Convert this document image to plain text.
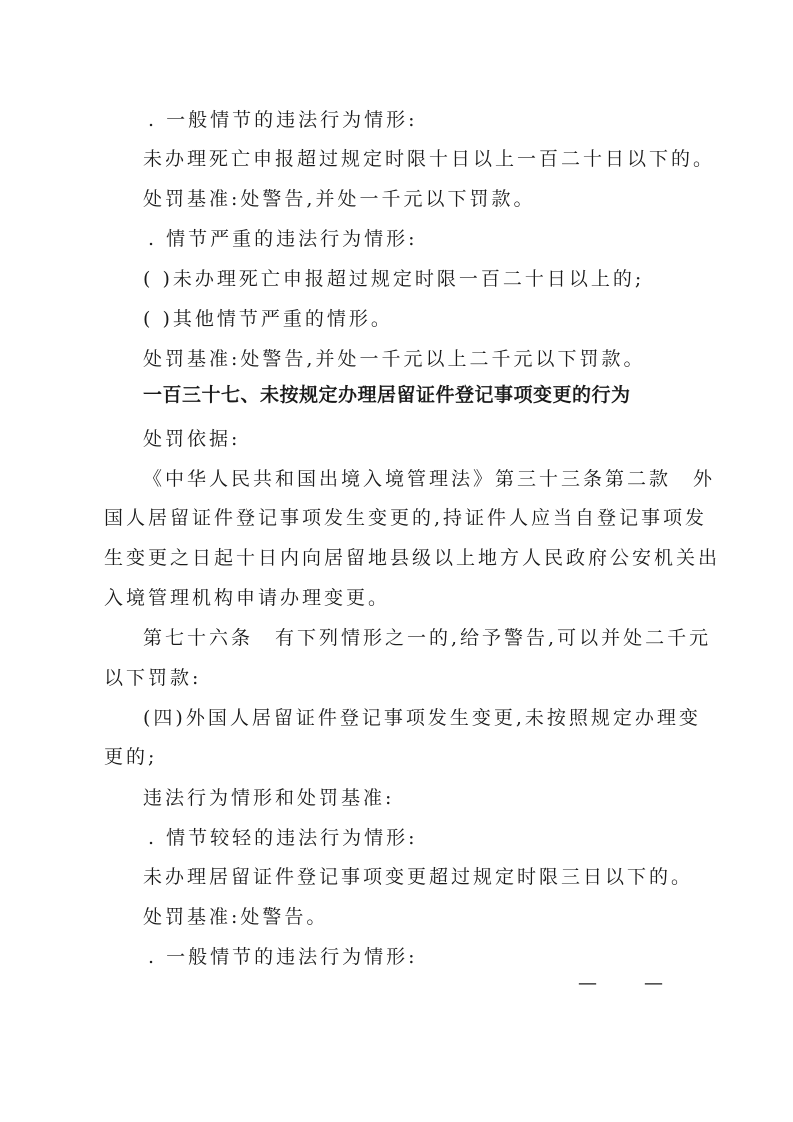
. 一般情节的违法行为情形:
未办理死亡申报超过规定时限十日以上一百二十日以下的。
处罚基准:处警告,并处一千元以下罚款。
. 情节严重的违法行为情形:
( )未办理死亡申报超过规定时限一百二十日以上的;
( )其他情节严重的情形。
处罚基准:处警告,并处一千元以上二千元以下罚款。
一百三十七、未按规定办理居留证件登记事项变更的行为
处罚依据:
《中华人民共和国出境入境管理法》第三十三条第二款　外
国人居留证件登记事项发生变更的,持证件人应当自登记事项发
生变更之日起十日内向居留地县级以上地方人民政府公安机关出
入境管理机构申请办理变更。
第七十六条　有下列情形之一的,给予警告,可以并处二千元
以下罚款:
(四)外国人居留证件登记事项发生变更,未按照规定办理变
更的;
违法行为情形和处罚基准:
. 情节较轻的违法行为情形:
未办理居留证件登记事项变更超过规定时限三日以下的。
处罚基准:处警告。
. 一般情节的违法行为情形:
— —
